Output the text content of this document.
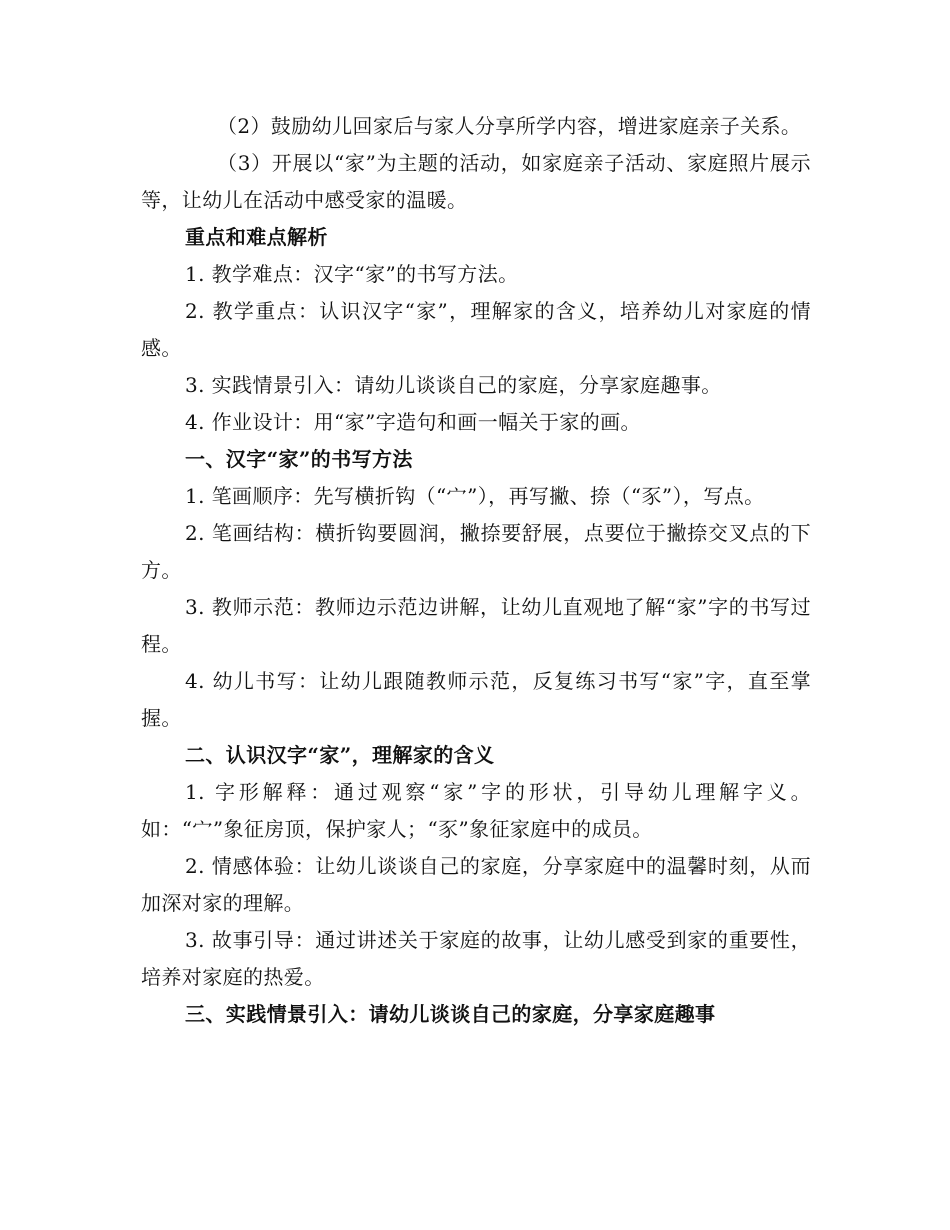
（2）鼓励幼儿回家后与家人分享所学内容，增进家庭亲子关系。

（3）开展以“家”为主题的活动，如家庭亲子活动、家庭照片展示等，让幼儿在活动中感受家的温暖。

重点和难点解析

1. 教学难点：汉字“家”的书写方法。

2. 教学重点：认识汉字“家”，理解家的含义，培养幼儿对家庭的情感。

3. 实践情景引入：请幼儿谈谈自己的家庭，分享家庭趣事。

4. 作业设计：用“家”字造句和画一幅关于家的画。

一、汉字“家”的书写方法

1. 笔画顺序：先写横折钩（“宀”），再写撇、捺（“豕”），写点。

2. 笔画结构：横折钩要圆润，撇捺要舒展，点要位于撇捺交叉点的下方。

3. 教师示范：教师边示范边讲解，让幼儿直观地了解“家”字的书写过程。

4. 幼儿书写：让幼儿跟随教师示范，反复练习书写“家”字，直至掌握。

二、认识汉字“家”，理解家的含义

1. 字形解释：通过观察“家”字的形状，引导幼儿理解字义。如：“宀”象征房顶，保护家人；“豕”象征家庭中的成员。

2. 情感体验：让幼儿谈谈自己的家庭，分享家庭中的温馨时刻，从而加深对家的理解。

3. 故事引导：通过讲述关于家庭的故事，让幼儿感受到家的重要性，培养对家庭的热爱。

三、实践情景引入：请幼儿谈谈自己的家庭，分享家庭趣事
